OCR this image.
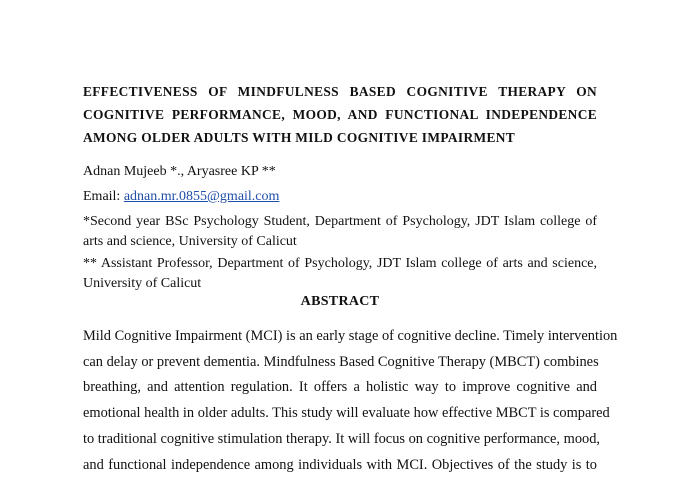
EFFECTIVENESS OF MINDFULNESS BASED COGNITIVE THERAPY ON
COGNITIVE PERFORMANCE, MOOD, AND FUNCTIONAL INDEPENDENCE
AMONG OLDER ADULTS WITH MILD COGNITIVE IMPAIRMENT
Adnan Mujeeb *., Aryasree KP **
Email: adnan.mr.0855@gmail.com
*Second year BSc Psychology Student, Department of Psychology, JDT Islam college of arts and science, University of Calicut
** Assistant Professor, Department of Psychology, JDT Islam college of arts and science, University of Calicut
ABSTRACT
Mild Cognitive Impairment (MCI) is an early stage of cognitive decline. Timely intervention
can delay or prevent dementia. Mindfulness Based Cognitive Therapy (MBCT) combines
breathing, and attention regulation. It offers a holistic way to improve cognitive and
emotional health in older adults. This study will evaluate how effective MBCT is compared
to traditional cognitive stimulation therapy. It will focus on cognitive performance, mood,
and functional independence among individuals with MCI. Objectives of the study is to
